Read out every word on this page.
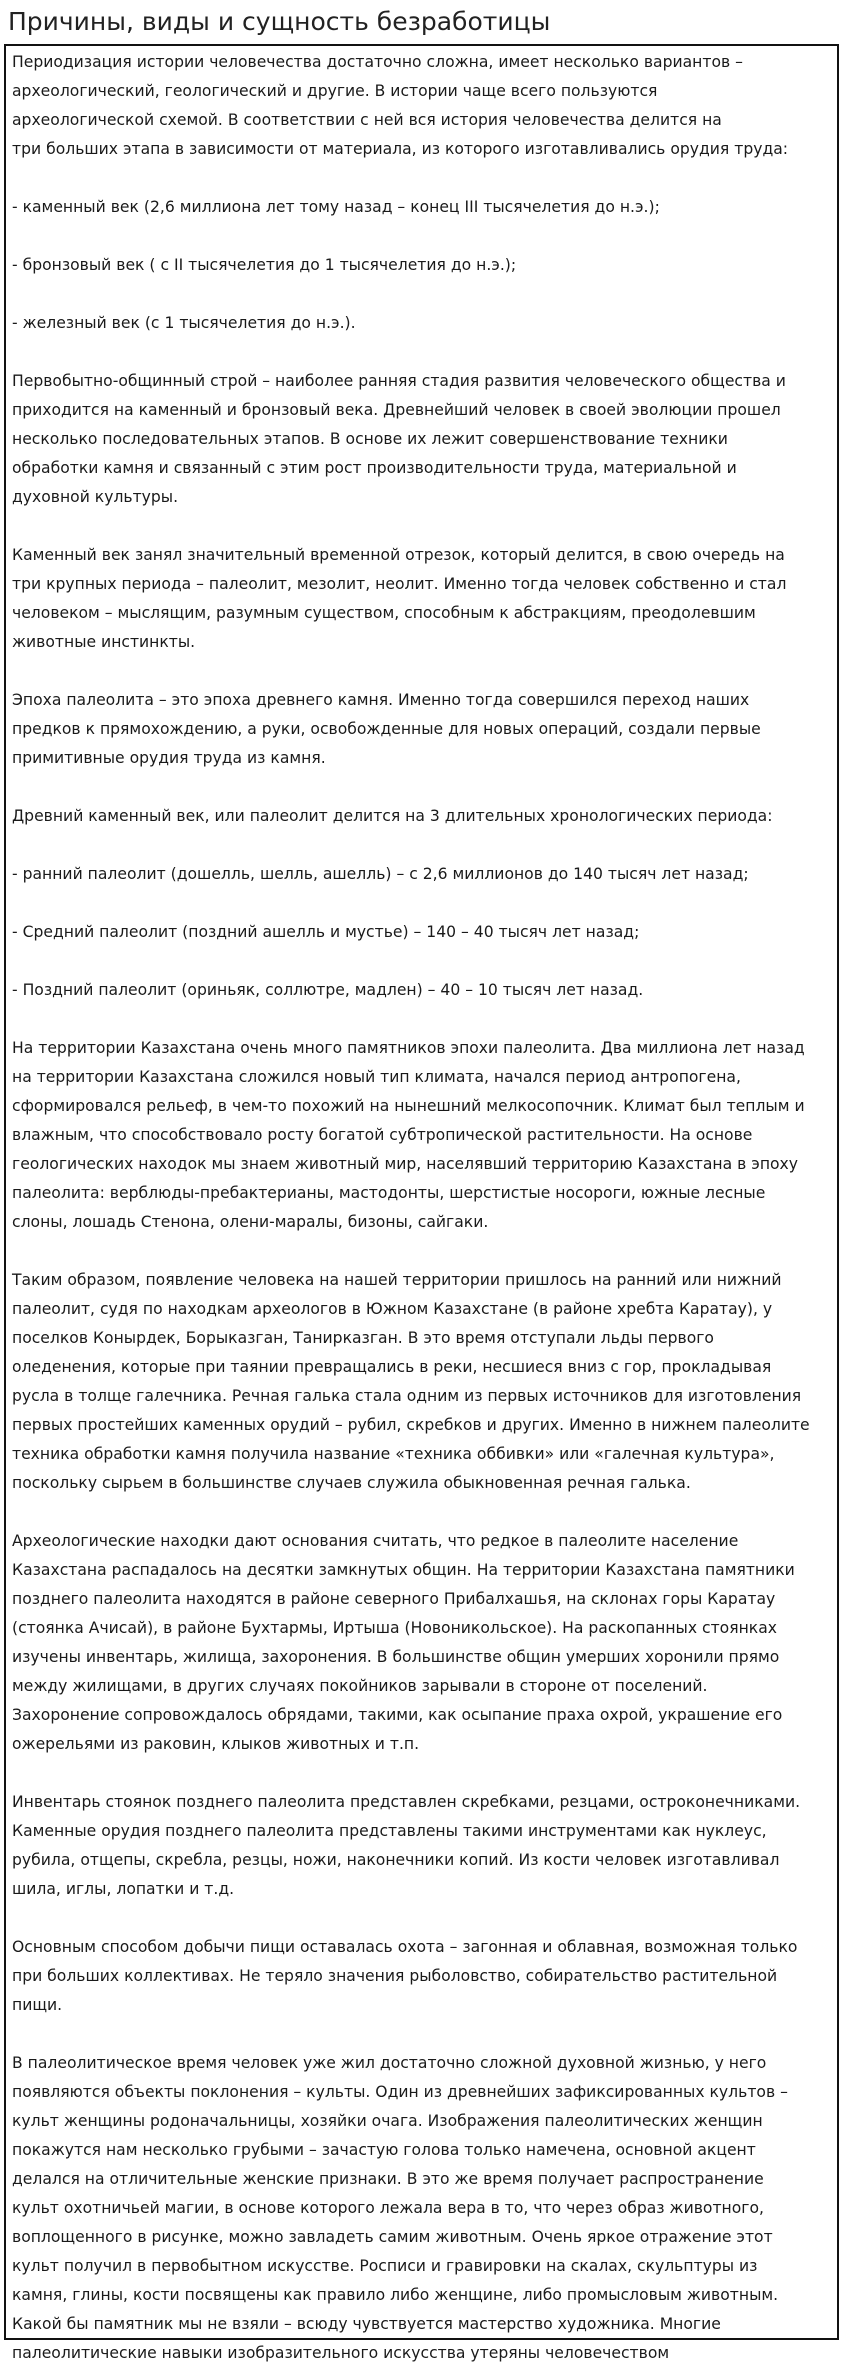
Причины, виды и сущность безработицы
Периодизация истории человечества достаточно сложна, имеет несколько вариантов –
археологический, геологический и другие. В истории чаще всего пользуются
археологической схемой. В соответствии с ней вся история человечества делится на
три больших этапа в зависимости от материала, из которого изготавливались орудия труда:
- каменный век (2,6 миллиона лет тому назад – конец III тысячелетия до н.э.);
- бронзовый век ( с II тысячелетия до 1 тысячелетия до н.э.);
- железный век (с 1 тысячелетия до н.э.).
Первобытно-общинный строй – наиболее ранняя стадия развития человеческого общества и
приходится на каменный и бронзовый века. Древнейший человек в своей эволюции прошел
несколько последовательных этапов. В основе их лежит совершенствование техники
обработки камня и связанный с этим рост производительности труда, материальной и
духовной культуры.
Каменный век занял значительный временной отрезок, который делится, в свою очередь на
три крупных периода – палеолит, мезолит, неолит. Именно тогда человек собственно и стал
человеком – мыслящим, разумным существом, способным к абстракциям, преодолевшим
животные инстинкты.
Эпоха палеолита – это эпоха древнего камня. Именно тогда совершился переход наших
предков к прямохождению, а руки, освобожденные для новых операций, создали первые
примитивные орудия труда из камня.
Древний каменный век, или палеолит делится на 3 длительных хронологических периода:
- ранний палеолит (дошелль, шелль, ашелль) – с 2,6 миллионов до 140 тысяч лет назад;
- Средний палеолит (поздний ашелль и мустье) – 140 – 40 тысяч лет назад;
- Поздний палеолит (ориньяк, соллютре, мадлен) – 40 – 10 тысяч лет назад.
На территории Казахстана очень много памятников эпохи палеолита. Два миллиона лет назад
на территории Казахстана сложился новый тип климата, начался период антропогена,
сформировался рельеф, в чем-то похожий на нынешний мелкосопочник. Климат был теплым и
влажным, что способствовало росту богатой субтропической растительности. На основе
геологических находок мы знаем животный мир, населявший территорию Казахстана в эпоху
палеолита: верблюды-пребактерианы, мастодонты, шерстистые носороги, южные лесные
слоны, лошадь Стенона, олени-маралы, бизоны, сайгаки.
Таким образом, появление человека на нашей территории пришлось на ранний или нижний
палеолит, судя по находкам археологов в Южном Казахстане (в районе хребта Каратау), у
поселков Конырдек, Борыказган, Танирказган. В это время отступали льды первого
оледенения, которые при таянии превращались в реки, несшиеся вниз с гор, прокладывая
русла в толще галечника. Речная галька стала одним из первых источников для изготовления
первых простейших каменных орудий – рубил, скребков и других. Именно в нижнем палеолите
техника обработки камня получила название «техника оббивки» или «галечная культура»,
поскольку сырьем в большинстве случаев служила обыкновенная речная галька.
Археологические находки дают основания считать, что редкое в палеолите население
Казахстана распадалось на десятки замкнутых общин. На территории Казахстана памятники
позднего палеолита находятся в районе северного Прибалхашья, на склонах горы Каратау
(стоянка Ачисай), в районе Бухтармы, Иртыша (Новоникольское). На раскопанных стоянках
изучены инвентарь, жилища, захоронения. В большинстве общин умерших хоронили прямо
между жилищами, в других случаях покойников зарывали в стороне от поселений.
Захоронение сопровождалось обрядами, такими, как осыпание праха охрой, украшение его
ожерельями из раковин, клыков животных и т.п.
Инвентарь стоянок позднего палеолита представлен скребками, резцами, остроконечниками.
Каменные орудия позднего палеолита представлены такими инструментами как нуклеус,
рубила, отщепы, скребла, резцы, ножи, наконечники копий. Из кости человек изготавливал
шила, иглы, лопатки и т.д.
Основным способом добычи пищи оставалась охота – загонная и облавная, возможная только
при больших коллективах. Не теряло значения рыболовство, собирательство растительной
пищи.
В палеолитическое время человек уже жил достаточно сложной духовной жизнью, у него
появляются объекты поклонения – культы. Один из древнейших зафиксированных культов –
культ женщины родоначальницы, хозяйки очага. Изображения палеолитических женщин
покажутся нам несколько грубыми – зачастую голова только намечена, основной акцент
делался на отличительные женские признаки. В это же время получает распространение
культ охотничьей магии, в основе которого лежала вера в то, что через образ животного,
воплощенного в рисунке, можно завладеть самим животным. Очень яркое отражение этот
культ получил в первобытном искусстве. Росписи и гравировки на скалах, скульптуры из
камня, глины, кости посвящены как правило либо женщине, либо промысловым животным.
Какой бы памятник мы не взяли – всюду чувствуется мастерство художника. Многие
палеолитические навыки изобразительного искусства утеряны человечеством
